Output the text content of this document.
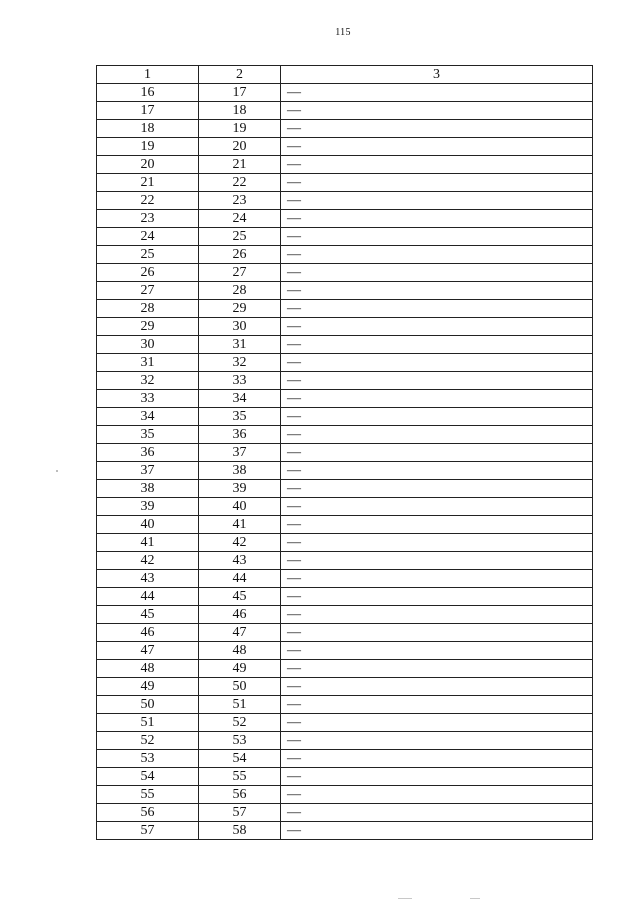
115
1	2	3
16	17	—
17	18	—
18	19	—
19	20	—
20	21	—
21	22	—
22	23	—
23	24	—
24	25	—
25	26	—
26	27	—
27	28	—
28	29	—
29	30	—
30	31	—
31	32	—
32	33	—
33	34	—
34	35	—
35	36	—
36	37	—
37	38	—
38	39	—
39	40	—
40	41	—
41	42	—
42	43	—
43	44	—
44	45	—
45	46	—
46	47	—
47	48	—
48	49	—
49	50	—
50	51	—
51	52	—
52	53	—
53	54	—
54	55	—
55	56	—
56	57	—
57	58	—
